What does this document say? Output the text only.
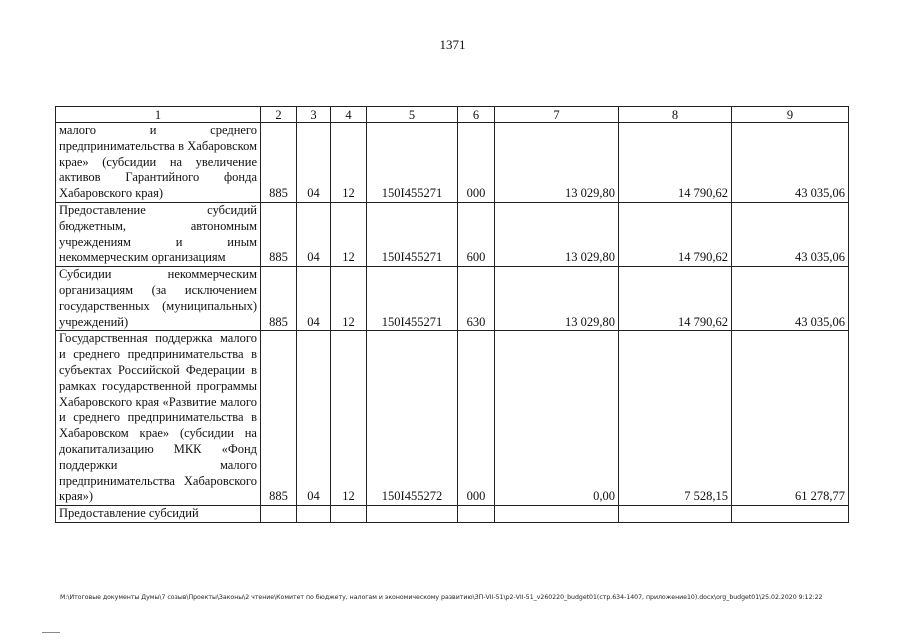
1371
1	2	3	4	5	6	7	8	9
малого и среднего предпринимательства в Хабаровском крае» (субсидии на увеличение активов Гарантийного фонда Хабаровского края)	885	04	12	150I455271	000	13 029,80	14 790,62	43 035,06
Предоставление субсидий бюджетным, автономным учреждениям и иным некоммерческим организациям	885	04	12	150I455271	600	13 029,80	14 790,62	43 035,06
Субсидии некоммерческим организациям (за исключением государственных (муниципальных) учреждений)	885	04	12	150I455271	630	13 029,80	14 790,62	43 035,06
Государственная поддержка малого и среднего предпринимательства в субъектах Российской Федерации в рамках государственной программы Хабаровского края «Развитие малого и среднего предпринимательства в Хабаровском крае» (субсидии на докапитализацию МКК «Фонд поддержки малого предпринимательства Хабаровского края»)	885	04	12	150I455272	000	0,00	7 528,15	61 278,77
Предоставление субсидий								
M:\Итоговые документы Думы\7 созыв\Проекты\Законы\2 чтение\Комитет по бюджету, налогам и экономическому развитию\ЗП-VII-51\р2-VII-51_v260220_budget01(стр.634-1407, приложение10).docx\org_budget01\25.02.2020 9:12:22
